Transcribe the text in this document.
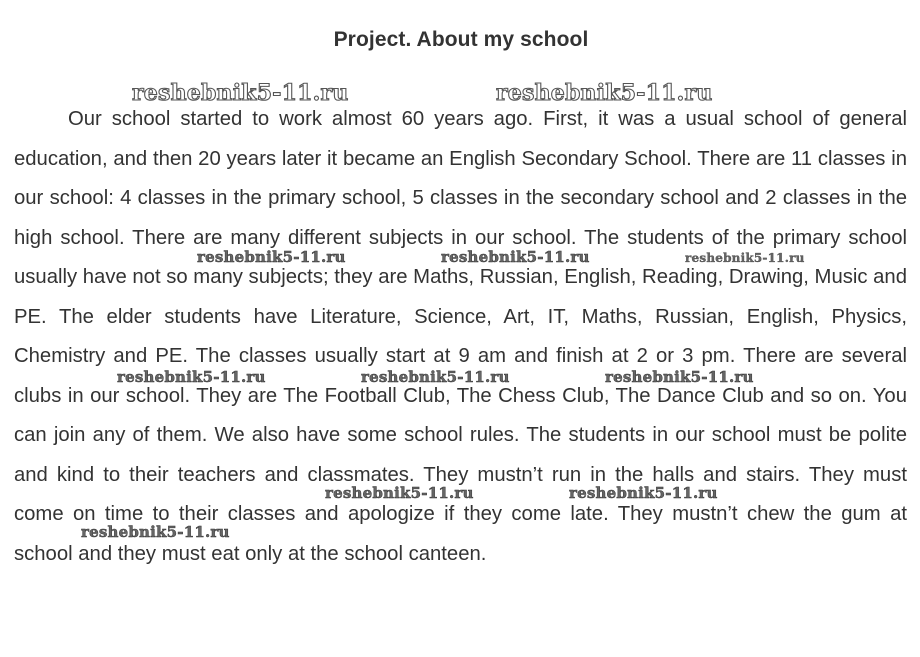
Project. About my school

Our school started to work almost 60 years ago. First, it was a usual school of general education, and then 20 years later it became an English Secondary School. There are 11 classes in our school: 4 classes in the primary school, 5 classes in the secondary school and 2 classes in the high school. There are many different subjects in our school. The students of the primary school usually have not so many subjects; they are Maths, Russian, English, Reading, Drawing, Music and PE. The elder students have Literature, Science, Art, IT, Maths, Russian, English, Physics, Chemistry and PE. The classes usually start at 9 am and finish at 2 or 3 pm. There are several clubs in our school. They are The Football Club, The Chess Club, The Dance Club and so on. You can join any of them. We also have some school rules. The students in our school must be polite and kind to their teachers and classmates. They mustn’t run in the halls and stairs. They must come on time to their classes and apologize if they come late. They mustn’t chew the gum at school and they must eat only at the school canteen.

reshebnik5-11.ru	reshebnik5-11.ru
reshebnik5-11.ru	reshebnik5-11.ru	reshebnik5-11.ru
reshebnik5-11.ru	reshebnik5-11.ru	reshebnik5-11.ru
reshebnik5-11.ru	reshebnik5-11.ru
reshebnik5-11.ru
